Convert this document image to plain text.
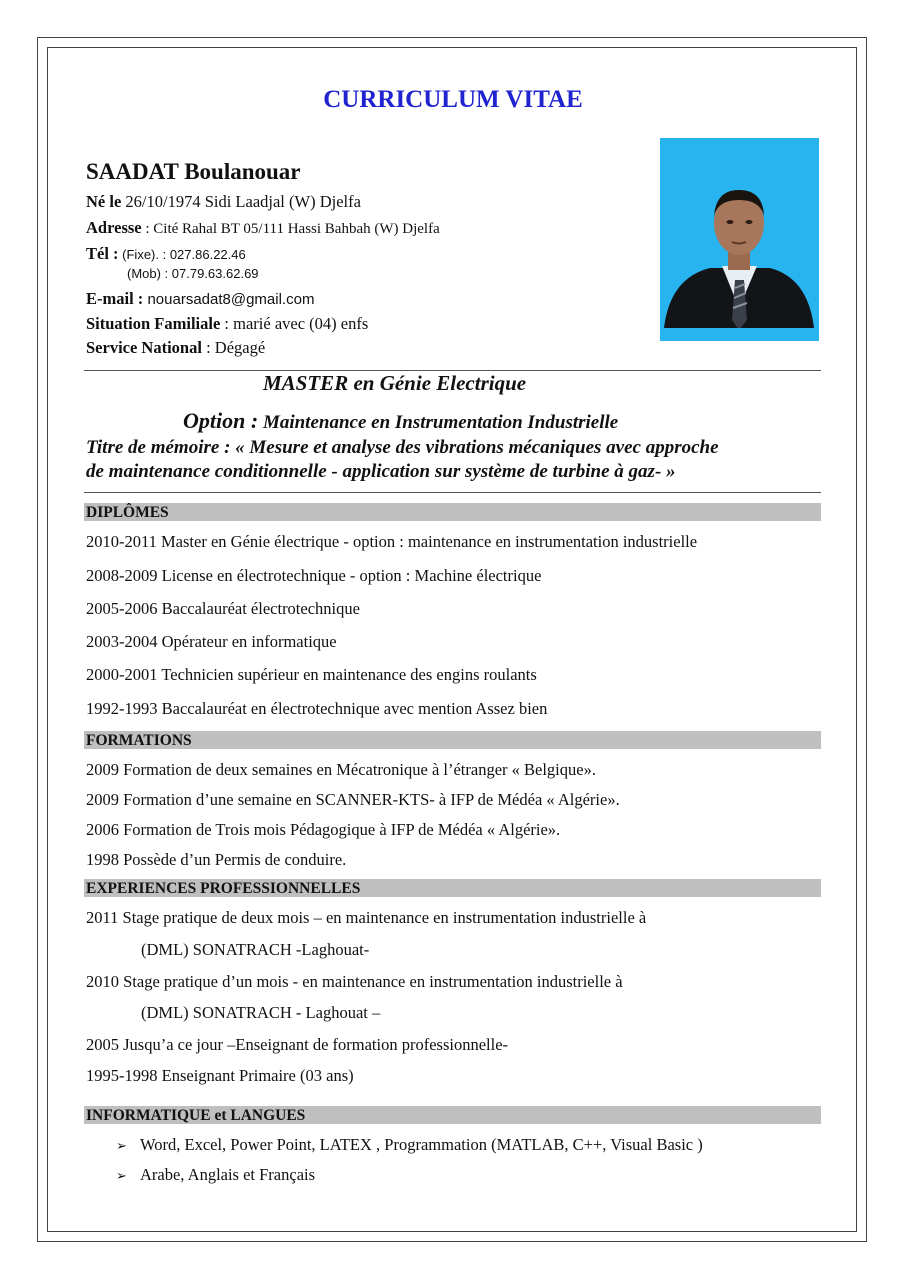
CURRICULUM VITAE
SAADAT Boulanouar
Né le 26/10/1974 Sidi Laadjal (W) Djelfa
Adresse : Cité Rahal BT 05/111 Hassi Bahbah (W) Djelfa
Tél : (Fixe). : 027.86.22.46
(Mob) : 07.79.63.62.69
E-mail : nouarsadat8@gmail.com
Situation Familiale : marié avec (04) enfs
Service National : Dégagé
MASTER en Génie Electrique
Option : Maintenance en Instrumentation Industrielle
Titre de mémoire : « Mesure et analyse des vibrations mécaniques avec approche
de maintenance conditionnelle - application sur système de turbine à gaz- »
DIPLÔMES
2010-2011 Master en Génie électrique - option : maintenance en instrumentation industrielle
2008-2009 License en électrotechnique - option : Machine électrique
2005-2006 Baccalauréat électrotechnique
2003-2004 Opérateur en informatique
2000-2001 Technicien supérieur en maintenance des engins roulants
1992-1993 Baccalauréat en électrotechnique avec mention Assez bien
FORMATIONS
2009 Formation de deux semaines en Mécatronique à l’étranger « Belgique».
2009 Formation d’une semaine en SCANNER-KTS- à IFP de Médéa « Algérie».
2006 Formation de Trois mois Pédagogique à IFP de Médéa « Algérie».
1998 Possède d’un Permis de conduire.
EXPERIENCES PROFESSIONNELLES
2011 Stage pratique de deux mois – en maintenance en instrumentation industrielle à
(DML) SONATRACH -Laghouat-
2010 Stage pratique d’un mois - en maintenance en instrumentation industrielle à
(DML) SONATRACH - Laghouat –
2005 Jusqu’a ce jour –Enseignant de formation professionnelle-
1995-1998 Enseignant Primaire (03 ans)
INFORMATIQUE et LANGUES
➢ Word, Excel, Power Point, LATEX , Programmation (MATLAB, C++, Visual Basic )
➢ Arabe, Anglais et Français
